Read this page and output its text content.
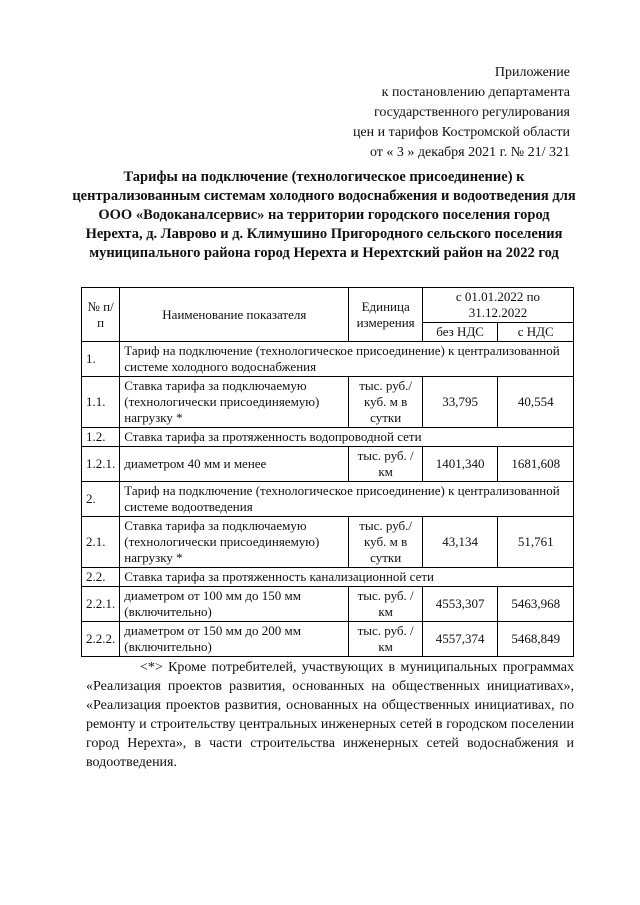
Приложение
к постановлению департамента
государственного регулирования
цен и тарифов Костромской области
от « 3 » декабря 2021 г. № 21/ 321
Тарифы на подключение (технологическое присоединение) к централизованным системам холодного водоснабжения и водоотведения для ООО «Водоканалсервис» на территории городского поселения город Нерехта, д. Лаврово и д. Климушино Пригородного сельского поселения муниципального района город Нерехта и Нерехтский район на 2022 год
№ п/п	Наименование показателя	Единица измерения	с 01.01.2022 по 31.12.2022	
			без НДС	с НДС
1.	Тариф на подключение (технологическое присоединение) к централизованной системе холодного водоснабжения			
1.1.	Ставка тарифа за подключаемую (технологически присоединяемую) нагрузку *	тыс. руб./ куб. м в сутки	33,795	40,554
1.2.	Ставка тарифа за протяженность водопроводной сети			
1.2.1.	диаметром 40 мм и менее	тыс. руб. /км	1401,340	1681,608
2.	Тариф на подключение (технологическое присоединение) к централизованной системе водоотведения			
2.1.	Ставка тарифа за подключаемую (технологически присоединяемую) нагрузку *	тыс. руб./ куб. м в сутки	43,134	51,761
2.2.	Ставка тарифа за протяженность канализационной сети			
2.2.1.	диаметром от 100 мм до 150 мм (включительно)	тыс. руб. /км	4553,307	5463,968
2.2.2.	диаметром от 150 мм до 200 мм (включительно)	тыс. руб. /км	4557,374	5468,849
<*> Кроме потребителей, участвующих в муниципальных программах «Реализация проектов развития, основанных на общественных инициативах», «Реализация проектов развития, основанных на общественных инициативах, по ремонту и строительству центральных инженерных сетей в городском поселении город Нерехта», в части строительства инженерных сетей водоснабжения и водоотведения.
